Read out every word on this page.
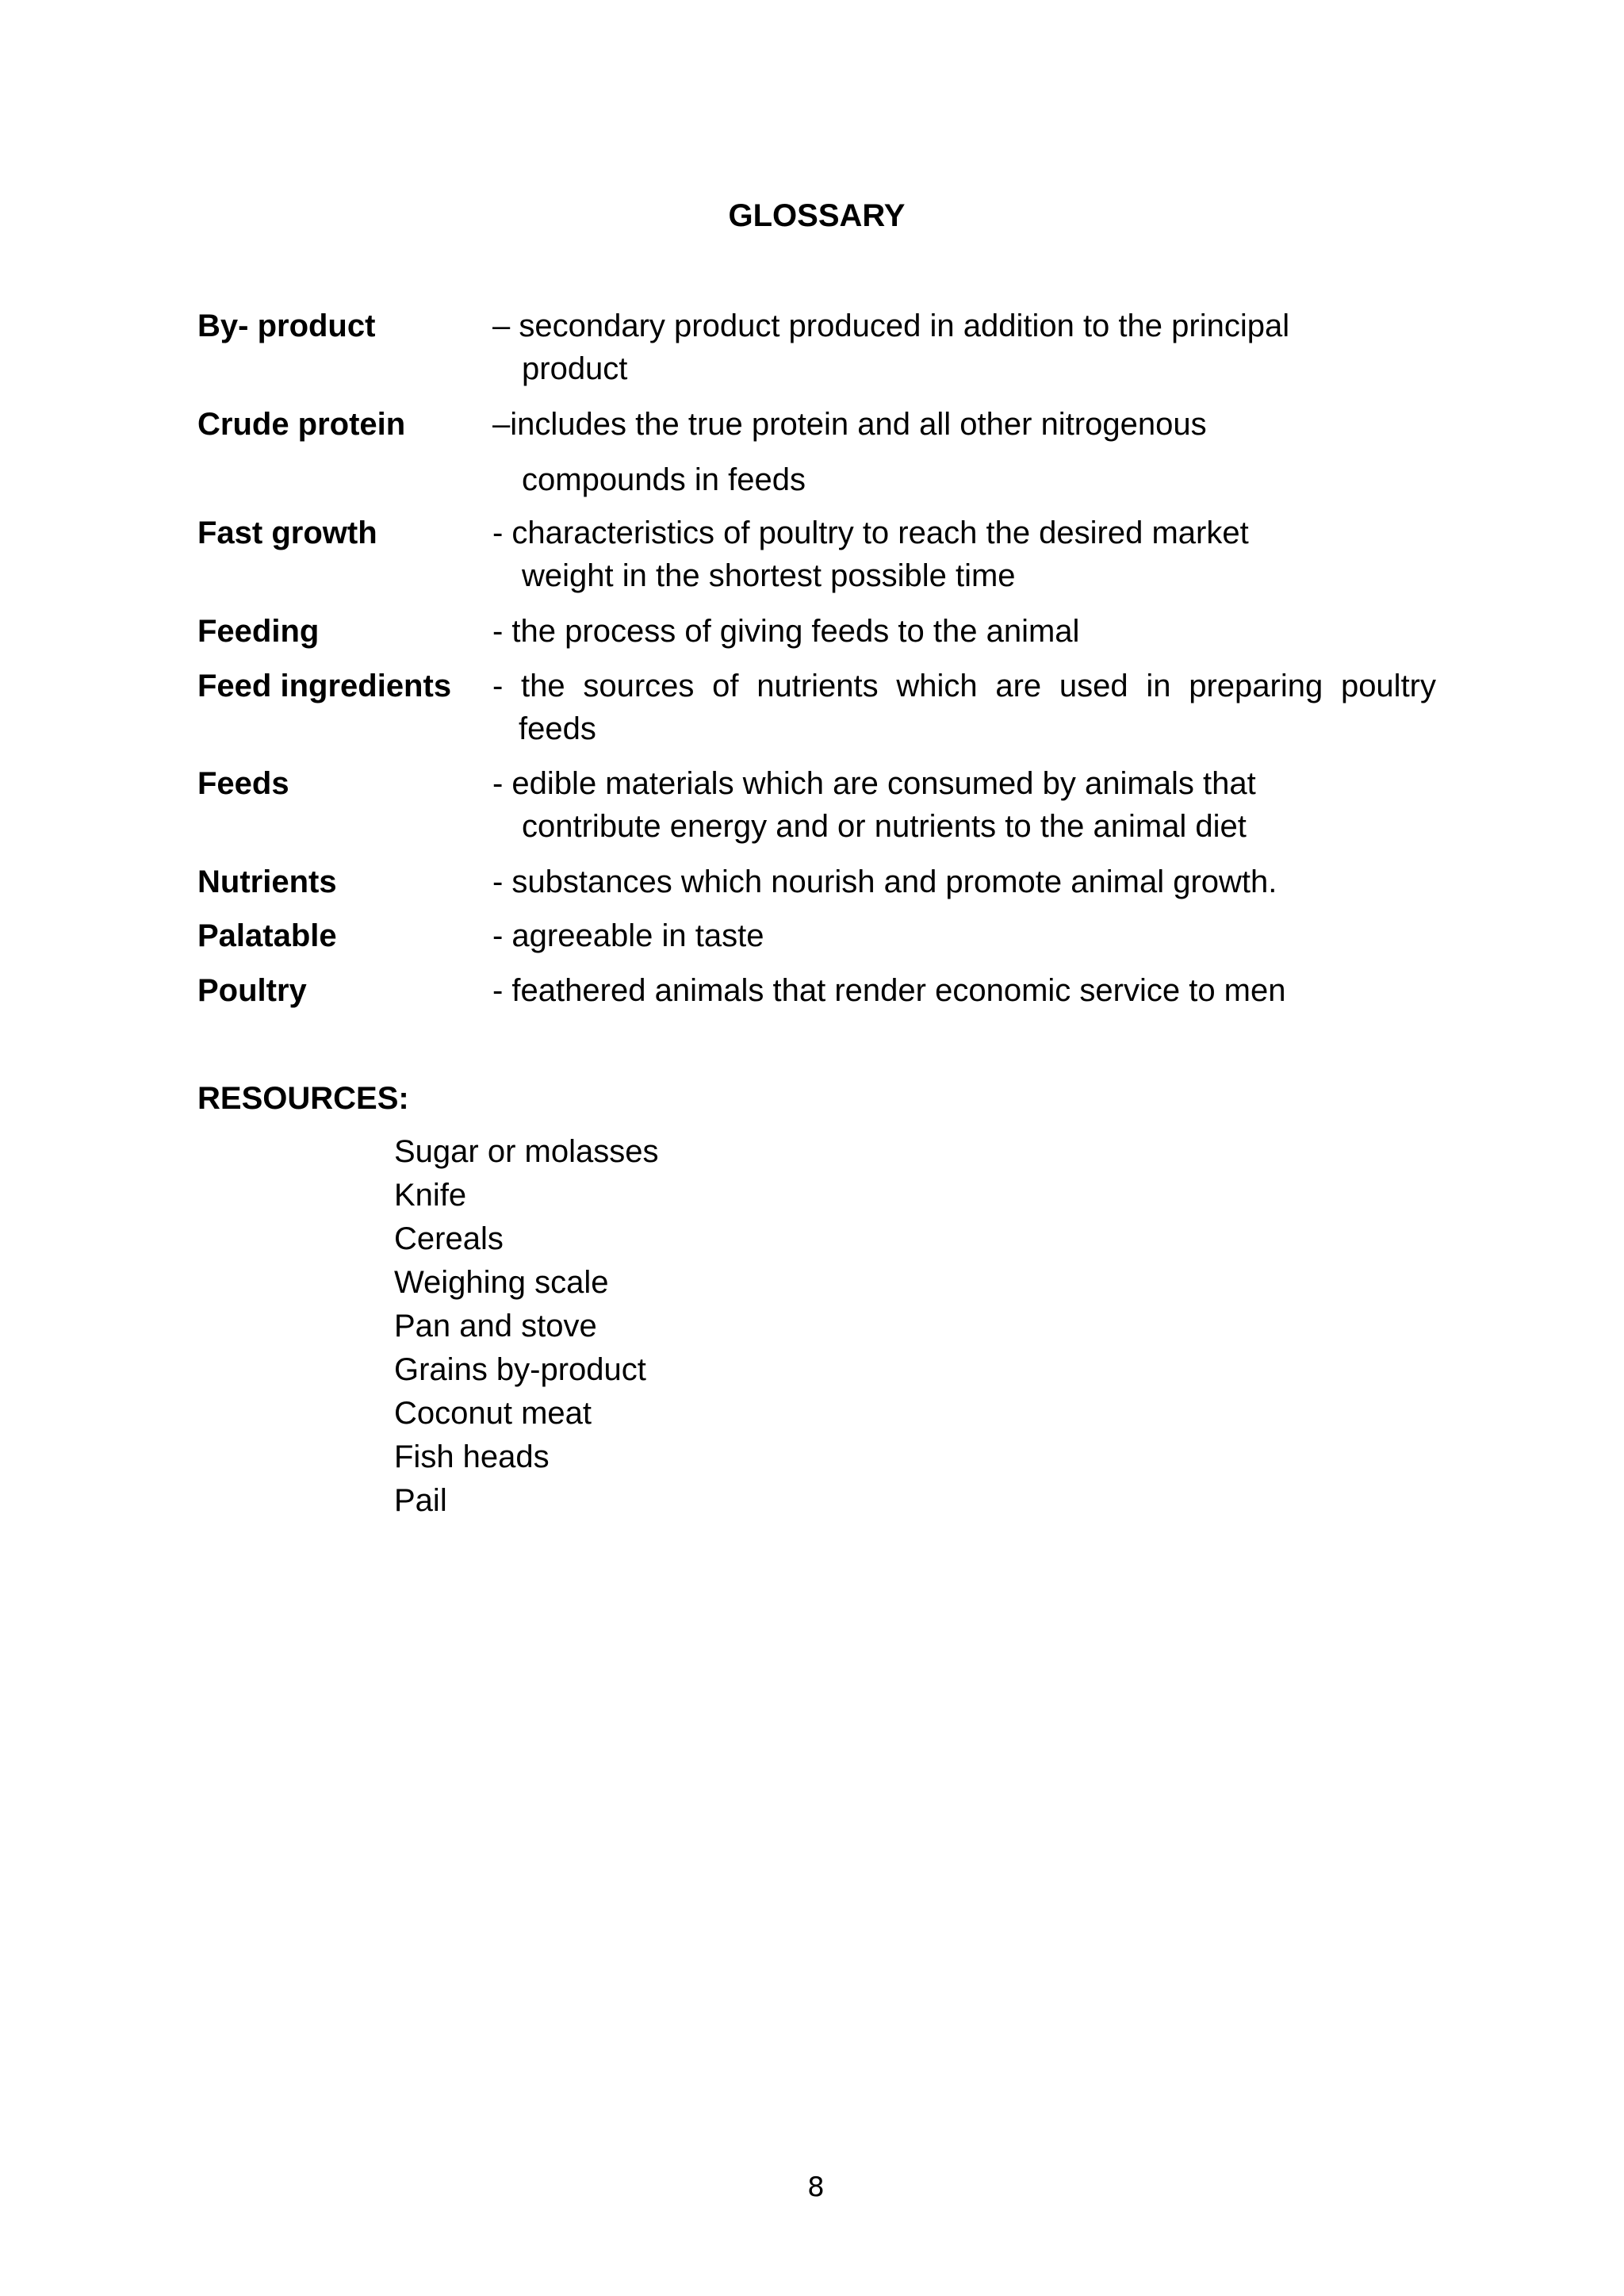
GLOSSARY
By- product	– secondary product produced in addition to the principal
product
Crude protein	–includes the true protein and all other nitrogenous
compounds in feeds
Fast growth	- characteristics of poultry to reach the desired market
weight in the shortest possible time
Feeding	- the process of giving feeds to the animal
Feed ingredients - the sources of nutrients which are used in preparing poultry
feeds
Feeds	- edible materials which are consumed by animals that
contribute energy and or nutrients to the animal diet
Nutrients	- substances which nourish and promote animal growth.
Palatable	- agreeable in taste
Poultry	- feathered animals that render economic service to men
RESOURCES:
Sugar or molasses
Knife
Cereals
Weighing scale
Pan and stove
Grains by-product
Coconut meat
Fish heads
Pail
8
